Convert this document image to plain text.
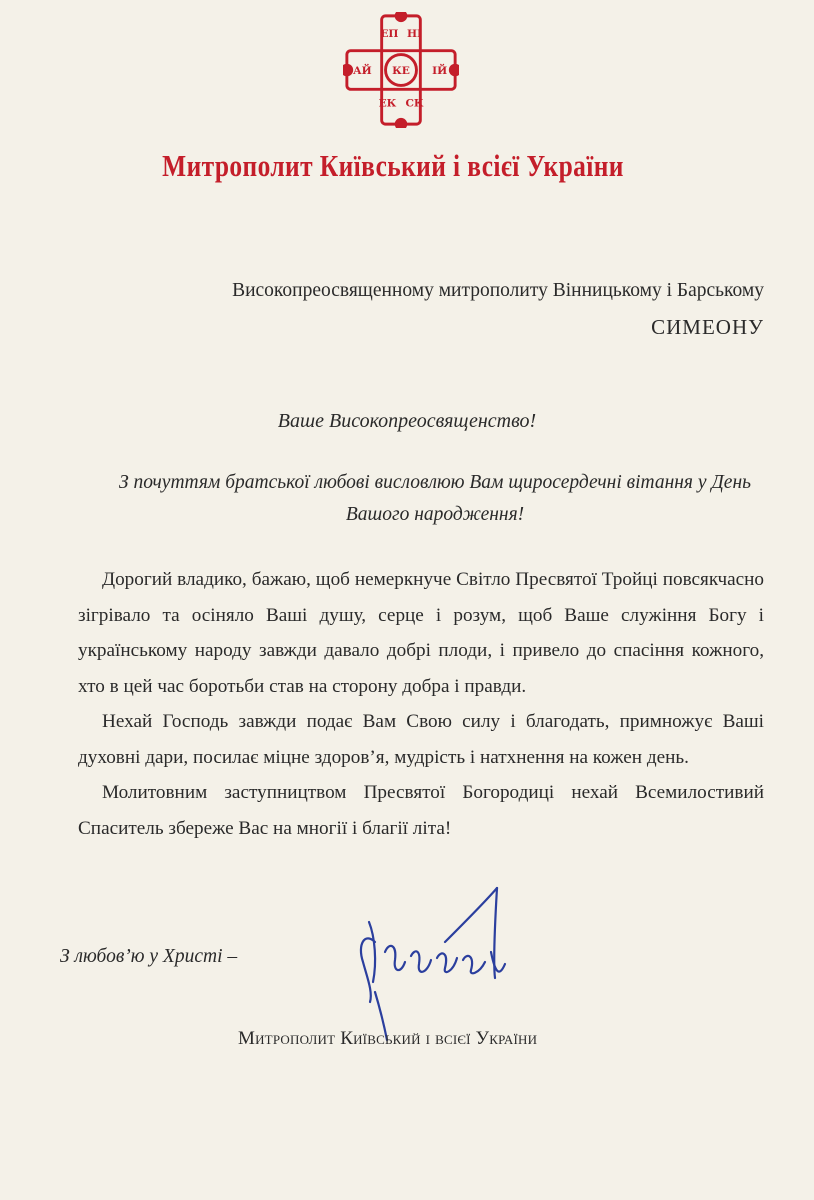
ЕП НІ
КЕ
ЕК СК
АЙ	ІЙ
Митрополит Київський і всієї України
Високопреосвященному митрополиту Вінницькому і Барському
СИМЕОНУ
Ваше Високопреосвященство!
З почуттям братської любові висловлюю Вам щиросердечні вітання у День Вашого народження!

Дорогий владико, бажаю, щоб немеркнуче Світло Пресвятої Тройці повсякчасно зігрівало та осіняло Ваші душу, серце і розум, щоб Ваше служіння Богу і українському народу завжди давало добрі плоди, і привело до спасіння кожного, хто в цей час боротьби став на сторону добра і правди.

Нехай Господь завжди подає Вам Свою силу і благодать, примножує Ваші духовні дари, посилає міцне здоров’я, мудрість і натхнення на кожен день.

Молитовним заступництвом Пресвятої Богородиці нехай Всемилостивий Спаситель збереже Вас на многії і благії літа!

З любов’ю у Христі –
Митрополит Київський і всієї України
